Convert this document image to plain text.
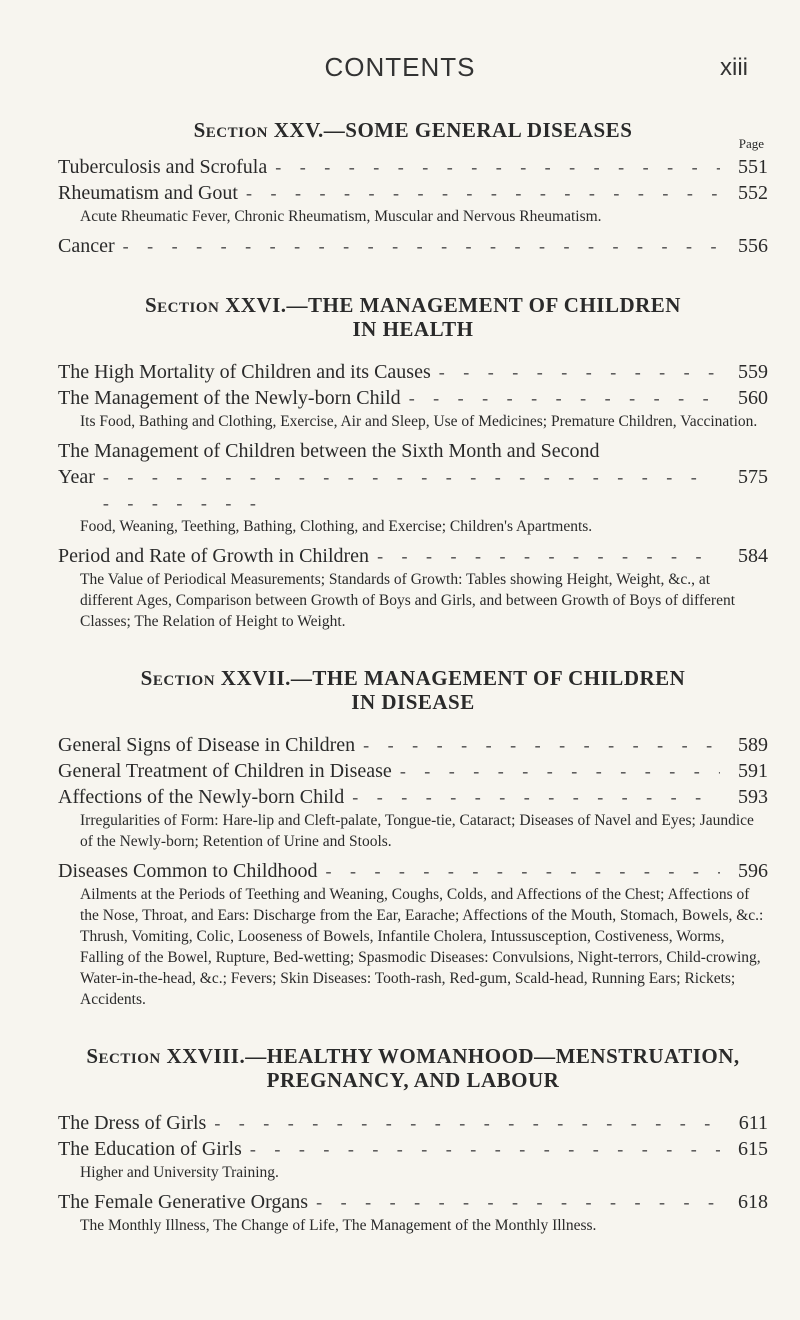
CONTENTS	xiii
Section XXV.—SOME GENERAL DISEASES
Page
Tuberculosis and Scrofula - - -	551
Rheumatism and Gout - - -	552
Acute Rheumatic Fever, Chronic Rheumatism, Muscular and Nervous Rheumatism.
Cancer - - -	556
Section XXVI.—THE MANAGEMENT OF CHILDREN
IN HEALTH
The High Mortality of Children and its Causes - - -	559
The Management of the Newly-born Child - - -	560
Its Food, Bathing and Clothing, Exercise, Air and Sleep, Use of Medicines; Premature Children, Vaccination.
The Management of Children between the Sixth Month and Second
Year - - -	575
Food, Weaning, Teething, Bathing, Clothing, and Exercise; Children's Apartments.
Period and Rate of Growth in Children - - -	584
The Value of Periodical Measurements; Standards of Growth: Tables showing Height, Weight, &c., at different Ages, Comparison between Growth of Boys and Girls, and between Growth of Boys of different Classes; The Relation of Height to Weight.
Section XXVII.—THE MANAGEMENT OF CHILDREN
IN DISEASE
General Signs of Disease in Children - - -	589
General Treatment of Children in Disease - - -	591
Affections of the Newly-born Child - - -	593
Irregularities of Form: Hare-lip and Cleft-palate, Tongue-tie, Cataract; Diseases of Navel and Eyes; Jaundice of the Newly-born; Retention of Urine and Stools.
Diseases Common to Childhood - - -	596
Ailments at the Periods of Teething and Weaning, Coughs, Colds, and Affections of the Chest; Affections of the Nose, Throat, and Ears: Discharge from the Ear, Earache; Affections of the Mouth, Stomach, Bowels, &c.: Thrush, Vomiting, Colic, Looseness of Bowels, Infantile Cholera, Intussusception, Costiveness, Worms, Falling of the Bowel, Rupture, Bed-wetting; Spasmodic Diseases: Convulsions, Night-terrors, Child-crowing, Water-in-the-head, &c.; Fevers; Skin Diseases: Tooth-rash, Red-gum, Scald-head, Running Ears; Rickets; Accidents.
Section XXVIII.—HEALTHY WOMANHOOD—MENSTRUATION,
PREGNANCY, AND LABOUR
The Dress of Girls - - -	611
The Education of Girls - - -	615
Higher and University Training.
The Female Generative Organs - - -	618
The Monthly Illness, The Change of Life, The Management of the Monthly Illness.
